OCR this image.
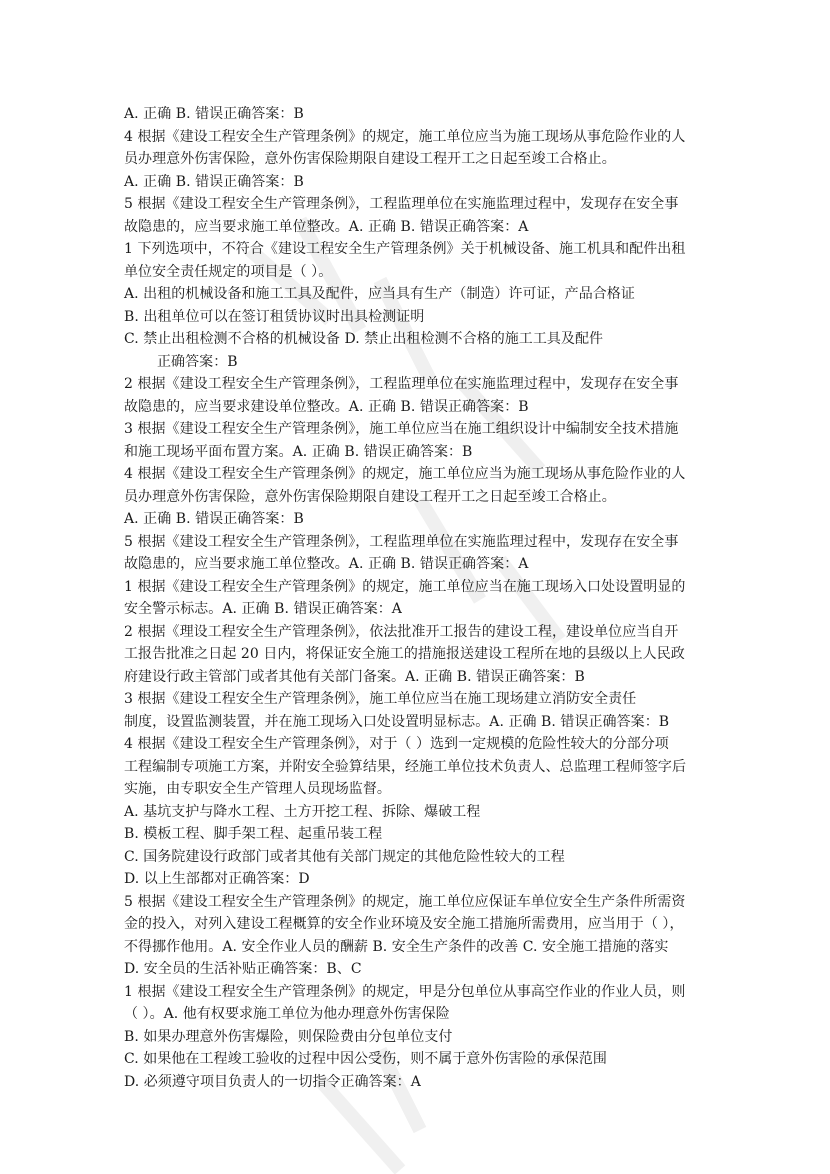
A. 正确 B. 错误正确答案：B
4 根据《建设工程安全生产管理条例》的规定，施工单位应当为施工现场从事危险作业的人
员办理意外伤害保险，意外伤害保险期限自建设工程开工之日起至竣工合格止。
A. 正确 B. 错误正确答案：B
5 根据《建设工程安全生产管理条例》，工程监理单位在实施监理过程中，发现存在安全事
故隐患的，应当要求施工单位整改。A. 正确 B. 错误正确答案：A
1 下列选项中，不符合《建设工程安全生产管理条例》关于机械设备、施工机具和配件出租
单位安全责任规定的项目是（ ）。
A. 出租的机械设备和施工工具及配件，应当具有生产（制造）许可证，产品合格证
B. 出租单位可以在签订租赁协议时出具检测证明
C. 禁止出租检测不合格的机械设备 D. 禁止出租检测不合格的施工工具及配件
正确答案：B
2 根据《建设工程安全生产管理条例》，工程监理单位在实施监理过程中，发现存在安全事
故隐患的，应当要求建设单位整改。A. 正确 B. 错误正确答案：B
3 根据《建设工程安全生产管理条例》，施工单位应当在施工组织设计中编制安全技术措施
和施工现场平面布置方案。A. 正确 B. 错误正确答案：B
4 根据《建设工程安全生产管理条例》的规定，施工单位应当为施工现场从事危险作业的人
员办理意外伤害保险，意外伤害保险期限自建设工程开工之日起至竣工合格止。
A. 正确 B. 错误正确答案：B
5 根据《建设工程安全生产管理条例》，工程监理单位在实施监理过程中，发现存在安全事
故隐患的，应当要求施工单位整改。A. 正确 B. 错误正确答案：A
1 根据《建设工程安全生产管理条例》的规定，施工单位应当在施工现场入口处设置明显的
安全警示标志。A. 正确 B. 错误正确答案：A
2 根据《理设工程安全生产管理条例》，依法批准开工报告的建设工程，建设单位应当自开
工报告批准之日起 20 日内，将保证安全施工的措施报送建设工程所在地的县级以上人民政
府建设行政主管部门或者其他有关部门备案。A. 正确 B. 错误正确答案：B
3 根据《建设工程安全生产管理条例》，施工单位应当在施工现场建立消防安全责任
制度，设置监测装置，并在施工现场入口处设置明显标志。A. 正确 B. 错误正确答案：B
4 根据《建设工程安全生产管理条例》，对于（ ）选到一定规模的危险性较大的分部分项
工程编制专项施工方案，并附安全验算结果，经施工单位技术负责人、总监理工程师签字后
实施，由专职安全生产管理人员现场监督。
A. 基坑支护与降水工程、土方开挖工程、拆除、爆破工程
B. 模板工程、脚手架工程、起重吊装工程
C. 国务院建设行政部门或者其他有关部门规定的其他危险性较大的工程
D. 以上生部都对正确答案：D
5 根据《建设工程安全生产管理条例》的规定，施工单位应保证车单位安全生产条件所需资
金的投入，对列入建设工程概算的安全作业环境及安全施工措施所需费用，应当用于（ ），
不得挪作他用。A. 安全作业人员的酬薪 B. 安全生产条件的改善 C. 安全施工措施的落实
D. 安全员的生活补贴正确答案：B、C
1 根据《建设工程安全生产管理条例》的规定，甲是分包单位从事高空作业的作业人员，则
（ ）。A. 他有权要求施工单位为他办理意外伤害保险
B. 如果办理意外伤害爆险，则保险费由分包单位支付
C. 如果他在工程竣工验收的过程中因公受伤，则不属于意外伤害险的承保范围
D. 必须遵守项目负责人的一切指令正确答案：A
